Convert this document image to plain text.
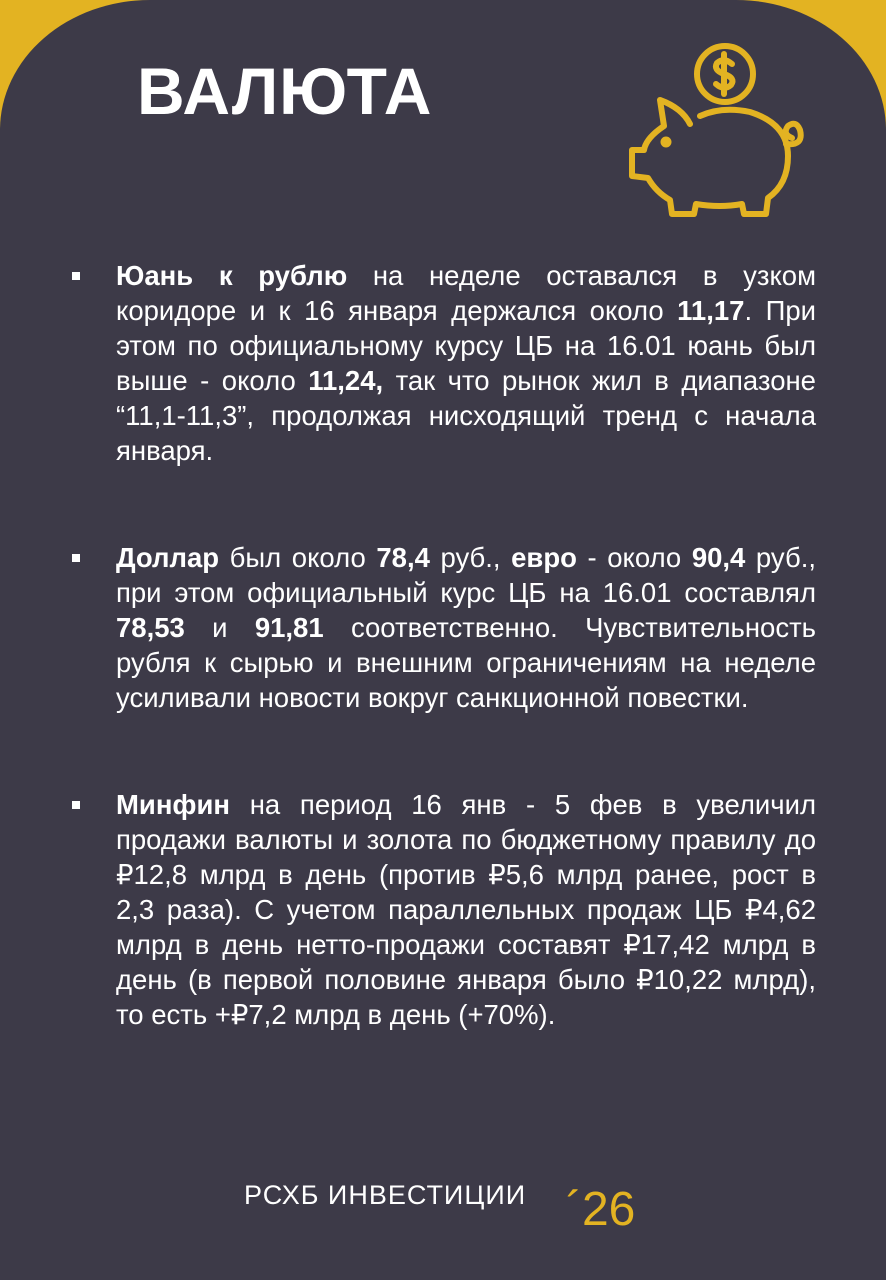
ВАЛЮТА
Юань к рублю на неделе оставался в узком коридоре и к 16 января держался около 11,17. При этом по официальному курсу ЦБ на 16.01 юань был выше - около 11,24, так что рынок жил в диапазоне “11,1-11,3”, продолжая нисходящий тренд с начала января.
Доллар был около 78,4 руб., евро - около 90,4 руб., при этом официальный курс ЦБ на 16.01 составлял 78,53 и 91,81 соответственно. Чувствительность рубля к сырью и внешним ограничениям на неделе усиливали новости вокруг санкционной повестки.
Минфин на период 16 янв - 5 фев в увеличил продажи валюты и золота по бюджетному правилу до ₽12,8 млрд в день (против ₽5,6 млрд ранее, рост в 2,3 раза). С учетом параллельных продаж ЦБ ₽4,62 млрд в день нетто-продажи составят ₽17,42 млрд в день (в первой половине января было ₽10,22 млрд), то есть +₽7,2 млрд в день (+70%).
РСХБ ИНВЕСТИЦИИ ´26
